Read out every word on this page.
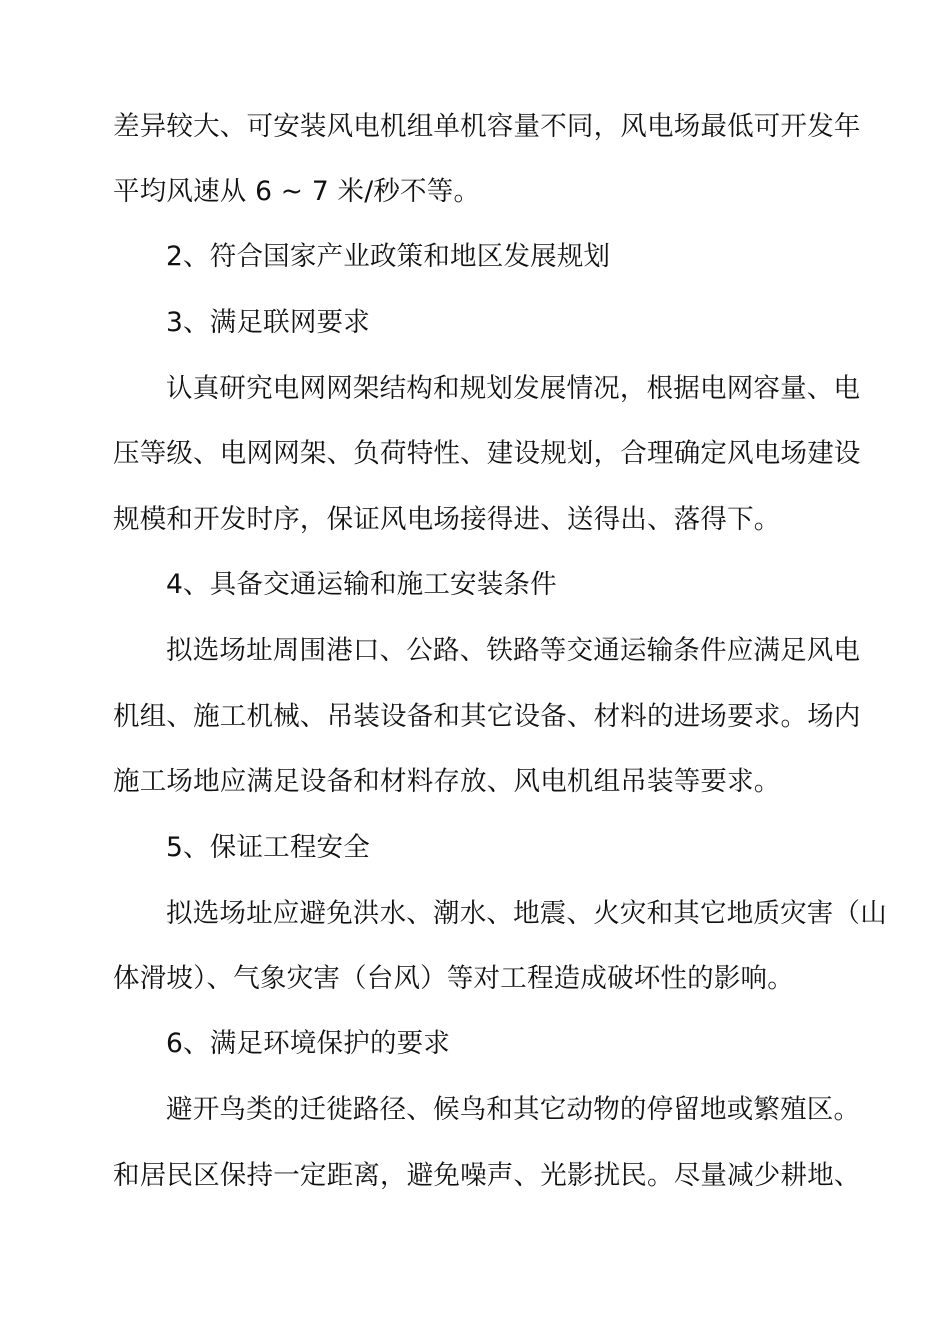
差异较大、可安装风电机组单机容量不同，风电场最低可开发年
平均风速从 6 ~ 7 米/秒不等。
2、符合国家产业政策和地区发展规划
3、满足联网要求
认真研究电网网架结构和规划发展情况，根据电网容量、电
压等级、电网网架、负荷特性、建设规划，合理确定风电场建设
规模和开发时序，保证风电场接得进、送得出、落得下。
4、具备交通运输和施工安装条件
拟选场址周围港口、公路、铁路等交通运输条件应满足风电
机组、施工机械、吊装设备和其它设备、材料的进场要求。场内
施工场地应满足设备和材料存放、风电机组吊装等要求。
5、保证工程安全
拟选场址应避免洪水、潮水、地震、火灾和其它地质灾害（山
体滑坡）、气象灾害（台风）等对工程造成破坏性的影响。
6、满足环境保护的要求
避开鸟类的迁徙路径、候鸟和其它动物的停留地或繁殖区。
和居民区保持一定距离，避免噪声、光影扰民。尽量减少耕地、
